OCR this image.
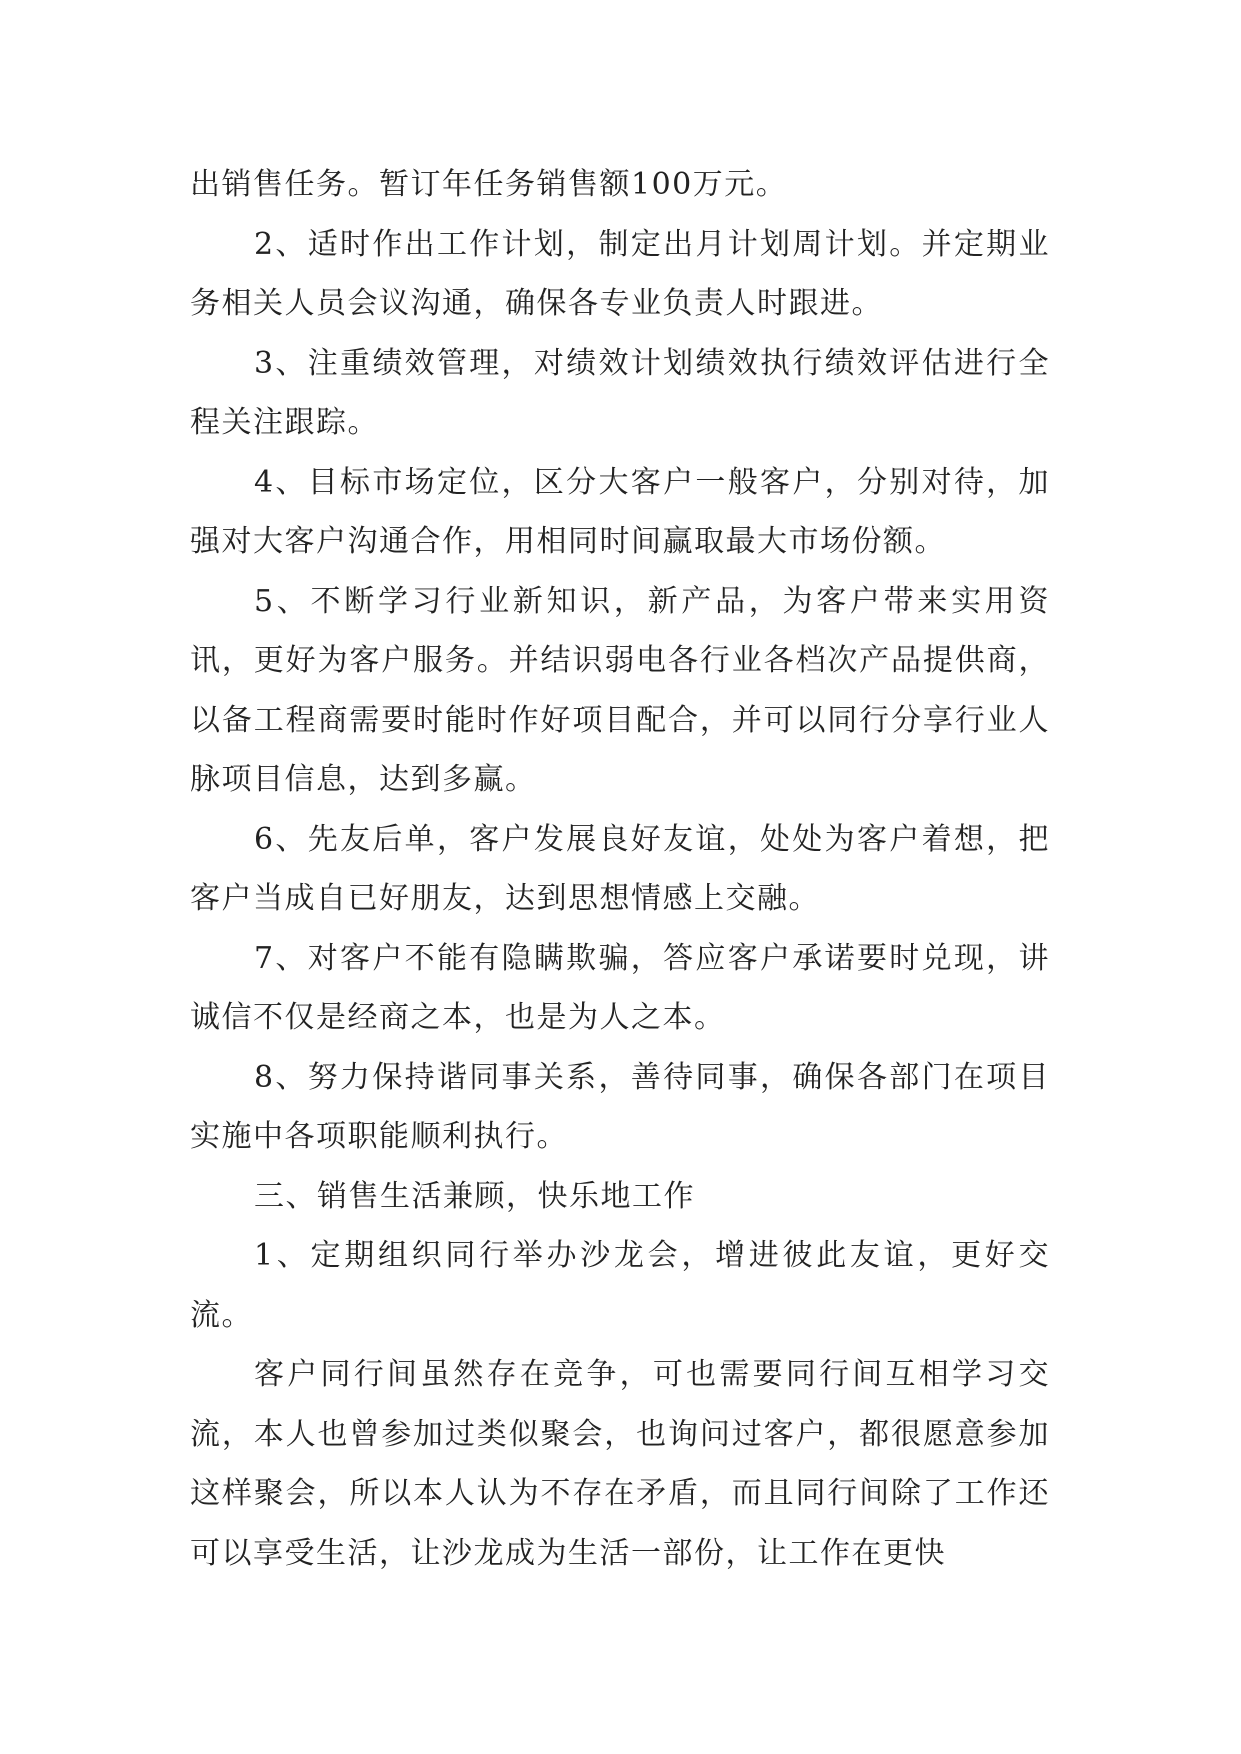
出销售任务。暂订年任务销售额100万元。

2、适时作出工作计划，制定出月计划周计划。并定期业务相关人员会议沟通，确保各专业负责人时跟进。

3、注重绩效管理，对绩效计划绩效执行绩效评估进行全程关注跟踪。

4、目标市场定位，区分大客户一般客户，分别对待，加强对大客户沟通合作，用相同时间赢取最大市场份额。

5、不断学习行业新知识，新产品，为客户带来实用资讯，更好为客户服务。并结识弱电各行业各档次产品提供商，以备工程商需要时能时作好项目配合，并可以同行分享行业人脉项目信息，达到多赢。

6、先友后单，客户发展良好友谊，处处为客户着想，把客户当成自已好朋友，达到思想情感上交融。

7、对客户不能有隐瞒欺骗，答应客户承诺要时兑现，讲诚信不仅是经商之本，也是为人之本。

8、努力保持谐同事关系，善待同事，确保各部门在项目实施中各项职能顺利执行。

三、销售生活兼顾，快乐地工作

1、定期组织同行举办沙龙会，增进彼此友谊，更好交流。

客户同行间虽然存在竞争，可也需要同行间互相学习交流，本人也曾参加过类似聚会，也询问过客户，都很愿意参加这样聚会，所以本人认为不存在矛盾，而且同行间除了工作还可以享受生活，让沙龙成为生活一部份，让工作在更快
